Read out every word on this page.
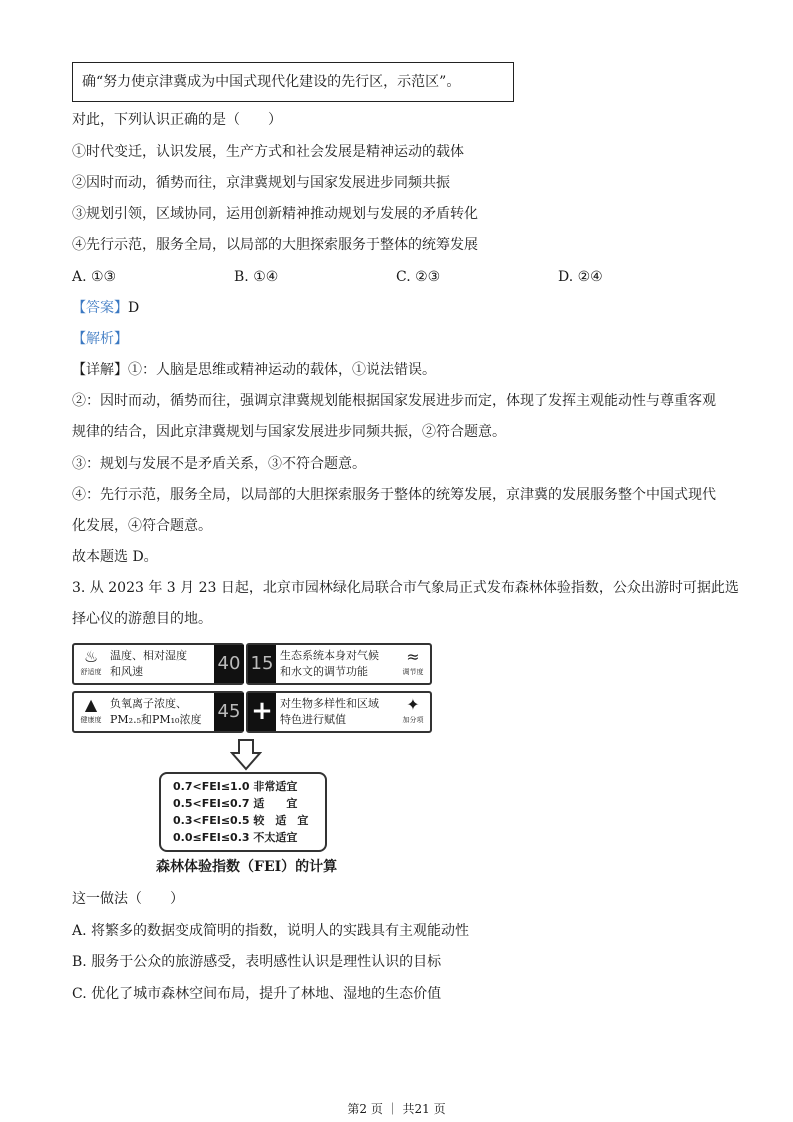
确“努力使京津冀成为中国式现代化建设的先行区，示范区”。
对此，下列认识正确的是（　　）
①时代变迁，认识发展，生产方式和社会发展是精神运动的载体
②因时而动，循势而往，京津冀规划与国家发展进步同频共振
③规划引领，区域协同，运用创新精神推动规划与发展的矛盾转化
④先行示范，服务全局，以局部的大胆探索服务于整体的统筹发展
A. ①③	B. ①④	C. ②③	D. ②④
【答案】D
【解析】
【详解】①：人脑是思维或精神运动的载体，①说法错误。
②：因时而动，循势而往，强调京津冀规划能根据国家发展进步而定，体现了发挥主观能动性与尊重客观
规律的结合，因此京津冀规划与国家发展进步同频共振，②符合题意。
③：规划与发展不是矛盾关系，③不符合题意。
④：先行示范，服务全局，以局部的大胆探索服务于整体的统筹发展，京津冀的发展服务整个中国式现代
化发展，④符合题意。
故本题选 D。
3. 从 2023 年 3 月 23 日起，北京市园林绿化局联合市气象局正式发布森林体验指数，公众出游时可据此选
择心仪的游憩目的地。
♨
舒适度
温度、相对湿度
和风速	40 15 生态系统本身对气候
和水文的调节功能
≈
调节度
▲
健康度
负氧离子浓度、
PM₂.₅和PM₁₀浓度 45 + 对生物多样性和区域
特色进行赋值
✦
加分项
0.7<FEI≤1.0 非常适宜
0.5<FEI≤0.7 适　　宜
0.3<FEI≤0.5 较　适　宜
0.0≤FEI≤0.3 不太适宜
森林体验指数（FEI）的计算
这一做法（　　）
A. 将繁多的数据变成简明的指数，说明人的实践具有主观能动性
B. 服务于公众的旅游感受，表明感性认识是理性认识的目标
C. 优化了城市森林空间布局，提升了林地、湿地的生态价值
第2 页 ｜ 共21 页
